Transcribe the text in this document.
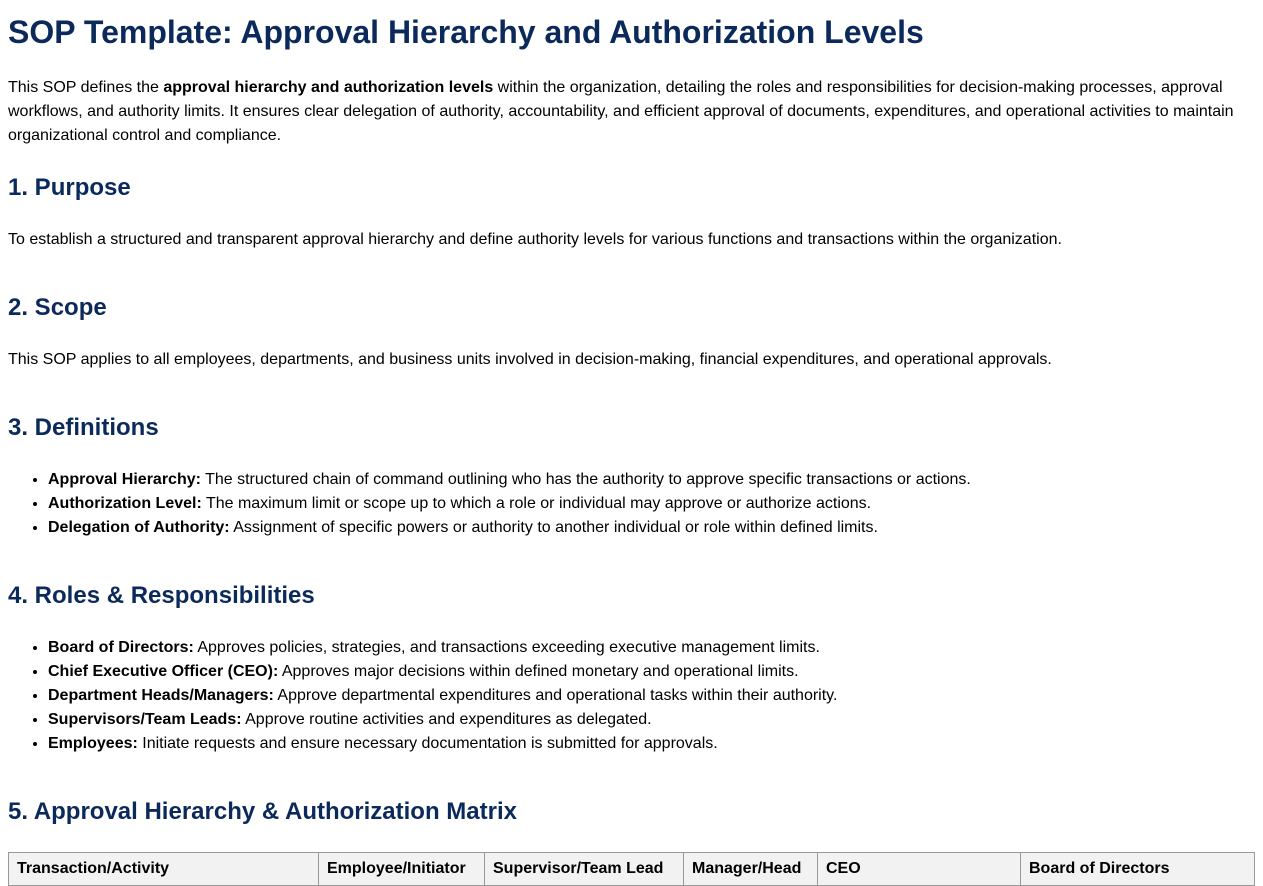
SOP Template: Approval Hierarchy and Authorization Levels

This SOP defines the approval hierarchy and authorization levels within the organization, detailing the roles and responsibilities for decision-making processes, approval workflows, and authority limits. It ensures clear delegation of authority, accountability, and efficient approval of documents, expenditures, and operational activities to maintain organizational control and compliance.

1. Purpose

To establish a structured and transparent approval hierarchy and define authority levels for various functions and transactions within the organization.

2. Scope

This SOP applies to all employees, departments, and business units involved in decision-making, financial expenditures, and operational approvals.

3. Definitions
• Approval Hierarchy: The structured chain of command outlining who has the authority to approve specific transactions or actions.
• Authorization Level: The maximum limit or scope up to which a role or individual may approve or authorize actions.
• Delegation of Authority: Assignment of specific powers or authority to another individual or role within defined limits.
4. Roles & Responsibilities
• Board of Directors: Approves policies, strategies, and transactions exceeding executive management limits.
• Chief Executive Officer (CEO): Approves major decisions within defined monetary and operational limits.
• Department Heads/Managers: Approve departmental expenditures and operational tasks within their authority.
• Supervisors/Team Leads: Approve routine activities and expenditures as delegated.
• Employees: Initiate requests and ensure necessary documentation is submitted for approvals.
5. Approval Hierarchy & Authorization Matrix
Transaction/Activity	Employee/Initiator	Supervisor/Team Lead	Manager/Head	CEO	Board of Directors
